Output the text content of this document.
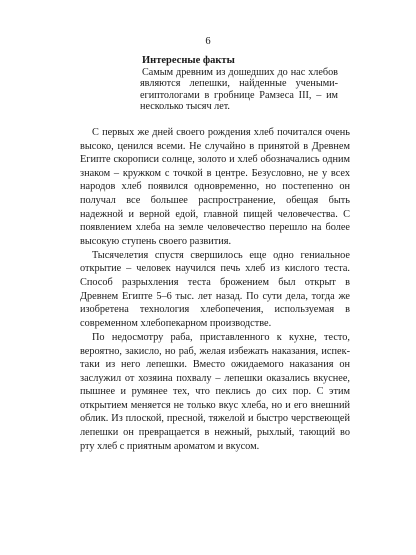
6

Интересные факты

Самым древним из дошедших до нас хлебов являются лепешки, найденные учеными-египтологами в гробнице Рамзеса III, – им несколько тысяч лет.

С первых же дней своего рождения хлеб почитался очень высоко, ценился всеми. Не случайно в принятой в Древнем Египте скорописи солнце, золото и хлеб обозначались одним знаком – кружком с точкой в центре. Безусловно, не у всех народов хлеб появился одновременно, но постепенно он получал все большее распространение, обещая быть надежной и верной едой, главной пищей человечества. С появлением хлеба на земле человечество перешло на более высокую ступень своего развития.

Тысячелетия спустя свершилось еще одно гениальное открытие – человек научился печь хлеб из кислого теста. Способ разрыхления теста брожением был открыт в Древнем Египте 5–6 тыс. лет назад. По сути дела, тогда же изобретена технология хлебопечения, используемая в современном хлебопекарном производстве.

По недосмотру раба, приставленного к кухне, тесто, вероятно, закисло, но раб, желая избежать наказания, испек-таки из него лепешки. Вместо ожидаемого наказания он заслужил от хозяина похвалу – лепешки оказались вкуснее, пышнее и румянее тех, что пеклись до сих пор. С этим открытием меняется не только вкус хлеба, но и его внешний облик. Из плоской, пресной, тяжелой и быстро черствеющей лепешки он превращается в нежный, рыхлый, тающий во рту хлеб с приятным ароматом и вкусом.
